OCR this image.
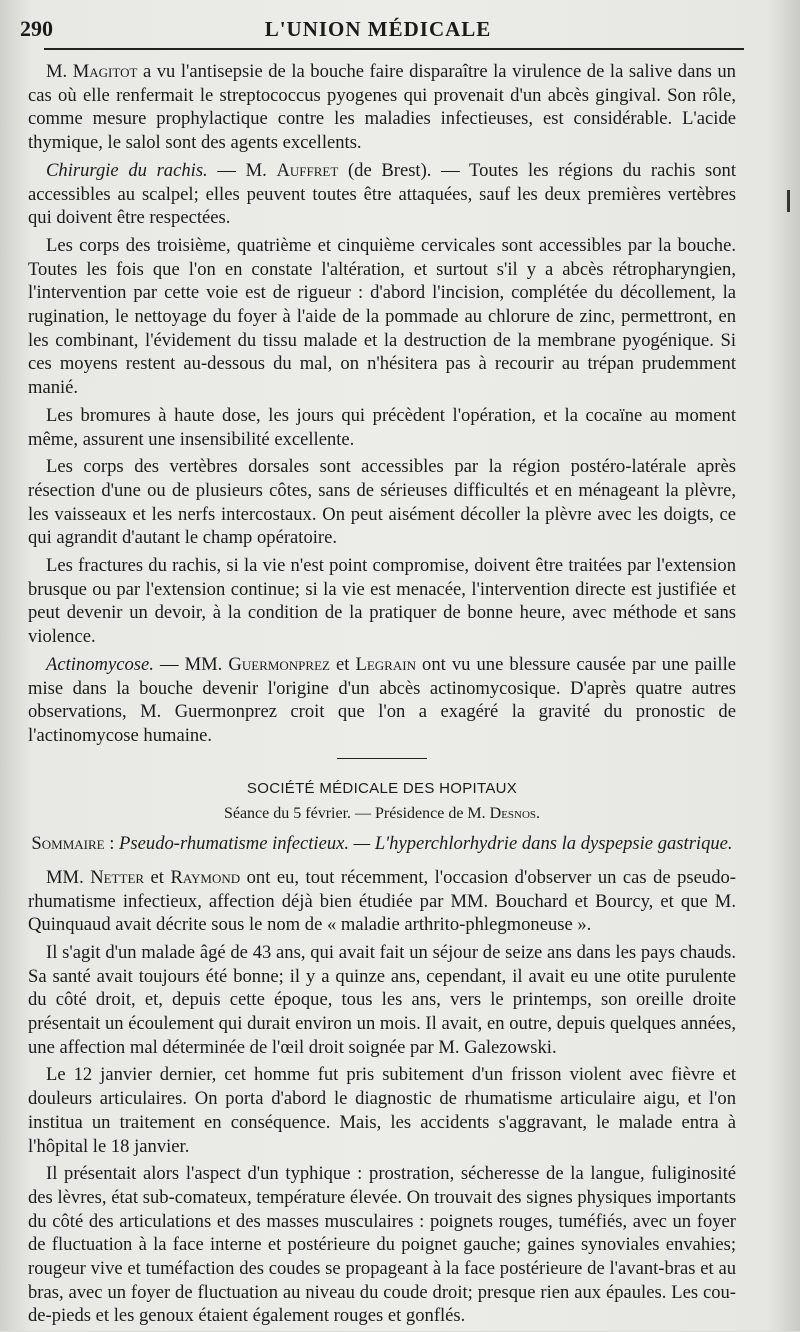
290	L'UNION MÉDICALE

M. Magitot a vu l'antisepsie de la bouche faire disparaître la virulence de la salive dans un cas où elle renfermait le streptococcus pyogenes qui provenait d'un abcès gingival. Son rôle, comme mesure prophylactique contre les maladies infectieuses, est considérable. L'acide thymique, le salol sont des agents excellents.

Chirurgie du rachis. — M. Auffret (de Brest). — Toutes les régions du rachis sont accessibles au scalpel; elles peuvent toutes être attaquées, sauf les deux premières vertèbres qui doivent être respectées.

Les corps des troisième, quatrième et cinquième cervicales sont accessibles par la bouche. Toutes les fois que l'on en constate l'altération, et surtout s'il y a abcès rétropharyngien, l'intervention par cette voie est de rigueur : d'abord l'incision, complétée du décollement, la rugination, le nettoyage du foyer à l'aide de la pommade au chlorure de zinc, permettront, en les combinant, l'évidement du tissu malade et la destruction de la membrane pyogénique. Si ces moyens restent au-dessous du mal, on n'hésitera pas à recourir au trépan prudemment manié.

Les bromures à haute dose, les jours qui précèdent l'opération, et la cocaïne au moment même, assurent une insensibilité excellente.

Les corps des vertèbres dorsales sont accessibles par la région postéro-latérale après résection d'une ou de plusieurs côtes, sans de sérieuses difficultés et en ménageant la plèvre, les vaisseaux et les nerfs intercostaux. On peut aisément décoller la plèvre avec les doigts, ce qui agrandit d'autant le champ opératoire.

Les fractures du rachis, si la vie n'est point compromise, doivent être traitées par l'extension brusque ou par l'extension continue; si la vie est menacée, l'intervention directe est justifiée et peut devenir un devoir, à la condition de la pratiquer de bonne heure, avec méthode et sans violence.

Actinomycose. — MM. Guermonprez et Legrain ont vu une blessure causée par une paille mise dans la bouche devenir l'origine d'un abcès actinomycosique. D'après quatre autres observations, M. Guermonprez croit que l'on a exagéré la gravité du pronostic de l'actinomycose humaine.

SOCIÉTÉ MÉDICALE DES HOPITAUX
Séance du 5 février. — Présidence de M. Desnos.

Sommaire : Pseudo-rhumatisme infectieux. — L'hyperchlorhydrie dans la dyspepsie gastrique.

MM. Netter et Raymond ont eu, tout récemment, l'occasion d'observer un cas de pseudo-rhumatisme infectieux, affection déjà bien étudiée par MM. Bouchard et Bourcy, et que M. Quinquaud avait décrite sous le nom de « maladie arthrito-phlegmoneuse ».

Il s'agit d'un malade âgé de 43 ans, qui avait fait un séjour de seize ans dans les pays chauds. Sa santé avait toujours été bonne; il y a quinze ans, cependant, il avait eu une otite purulente du côté droit, et, depuis cette époque, tous les ans, vers le printemps, son oreille droite présentait un écoulement qui durait environ un mois. Il avait, en outre, depuis quelques années, une affection mal déterminée de l'œil droit soignée par M. Galezowski.

Le 12 janvier dernier, cet homme fut pris subitement d'un frisson violent avec fièvre et douleurs articulaires. On porta d'abord le diagnostic de rhumatisme articulaire aigu, et l'on institua un traitement en conséquence. Mais, les accidents s'aggravant, le malade entra à l'hôpital le 18 janvier.

Il présentait alors l'aspect d'un typhique : prostration, sécheresse de la langue, fuliginosité des lèvres, état sub-comateux, température élevée. On trouvait des signes physiques importants du côté des articulations et des masses musculaires : poignets rouges, tuméfiés, avec un foyer de fluctuation à la face interne et postérieure du poignet gauche; gaines synoviales envahies; rougeur vive et tuméfaction des coudes se propageant à la face postérieure de l'avant-bras et au bras, avec un foyer de fluctuation au niveau du coude droit; presque rien aux épaules. Les cou-de-pieds et les genoux étaient également rouges et gonflés.
